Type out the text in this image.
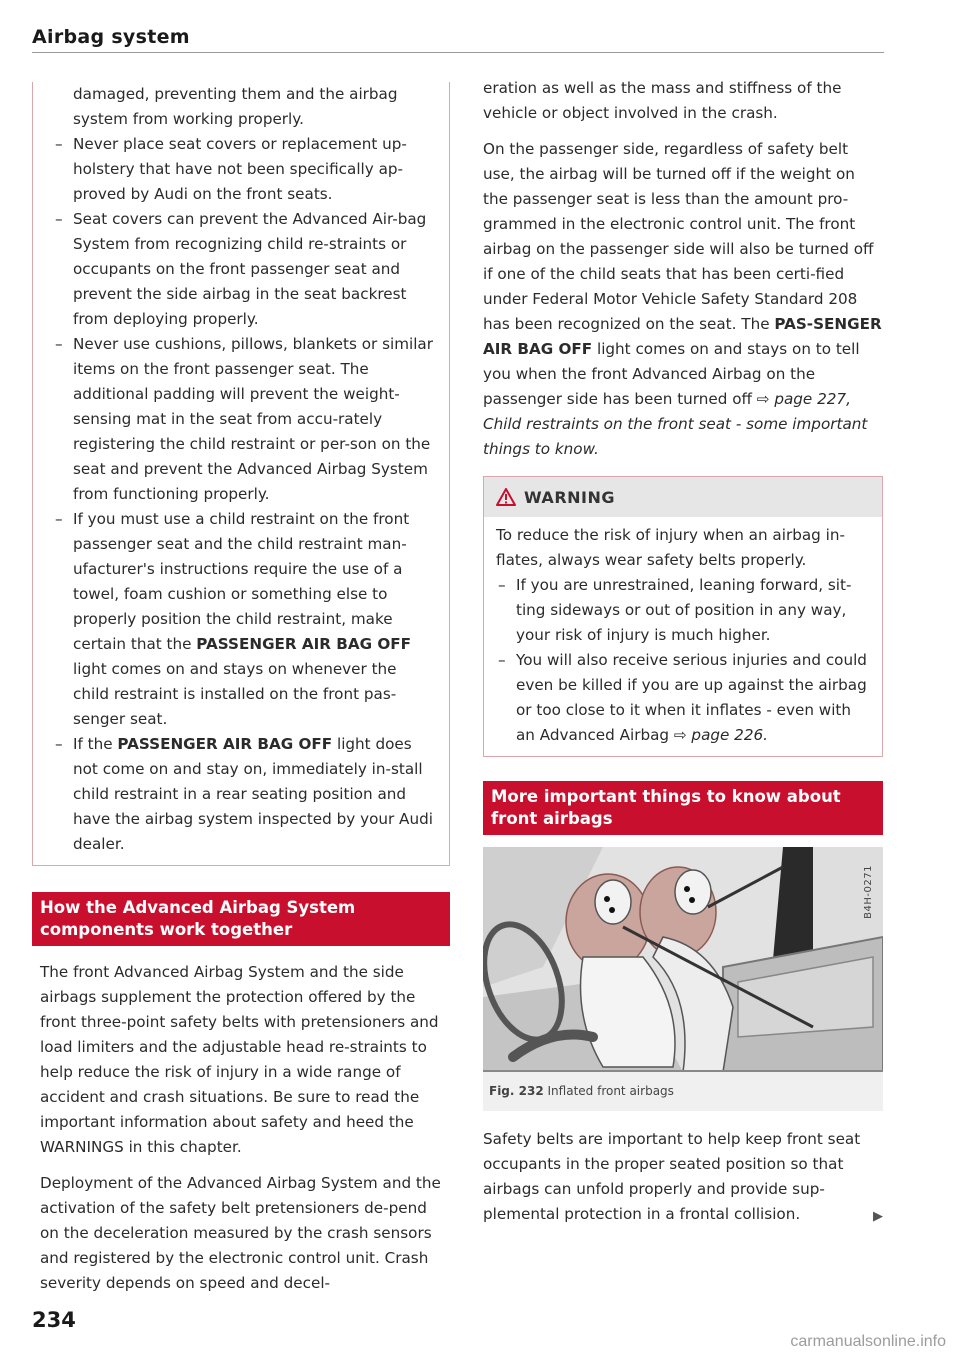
Airbag system

damaged, preventing them and the airbag

system from working properly.

– Never place seat covers or replacement up-holstery that have not been specifically ap-proved by Audi on the front seats.
– Seat covers can prevent the Advanced Air-bag System from recognizing child re-straints or occupants on the front passenger seat and prevent the side airbag in the seat backrest from deploying properly.
– Never use cushions, pillows, blankets or similar items on the front passenger seat. The additional padding will prevent the weight-sensing mat in the seat from accu-rately registering the child restraint or per-son on the seat and prevent the Advanced Airbag System from functioning properly.
– If you must use a child restraint on the front passenger seat and the child restraint man-ufacturer's instructions require the use of a towel, foam cushion or something else to properly position the child restraint, make certain that the PASSENGER AIR BAG OFF light comes on and stays on whenever the child restraint is installed on the front pas-senger seat.
– If the PASSENGER AIR BAG OFF light does not come on and stay on, immediately in-stall child restraint in a rear seating position and have the airbag system inspected by your Audi dealer.
How the Advanced Airbag System components work together

The front Advanced Airbag System and the side airbags supplement the protection offered by the front three-point safety belts with pretensioners and load limiters and the adjustable head re-straints to help reduce the risk of injury in a wide range of accident and crash situations. Be sure to read the important information about safety and heed the WARNINGS in this chapter.

Deployment of the Advanced Airbag System and the activation of the safety belt pretensioners de-pend on the deceleration measured by the crash sensors and registered by the electronic control unit. Crash severity depends on speed and decel-

eration as well as the mass and stiffness of the vehicle or object involved in the crash.

On the passenger side, regardless of safety belt use, the airbag will be turned off if the weight on the passenger seat is less than the amount pro-grammed in the electronic control unit. The front airbag on the passenger side will also be turned off if one of the child seats that has been certi-fied under Federal Motor Vehicle Safety Standard 208 has been recognized on the seat. The PAS-SENGER AIR BAG OFF light comes on and stays on to tell you when the front Advanced Airbag on the passenger side has been turned off ⇨ page 227, Child restraints on the front seat - some important things to know.

WARNING

To reduce the risk of injury when an airbag in-flates, always wear safety belts properly.

– If you are unrestrained, leaning forward, sit-ting sideways or out of position in any way, your risk of injury is much higher.
– You will also receive serious injuries and could even be killed if you are up against the airbag or too close to it when it inflates - even with an Advanced Airbag ⇨ page 226.
More important things to know about front airbags
B4H-0271
Fig. 232 Inflated front airbags

Safety belts are important to help keep front seat occupants in the proper seated position so that airbags can unfold properly and provide sup-plemental protection in a frontal collision.	▶

234
carmanualsonline.info
